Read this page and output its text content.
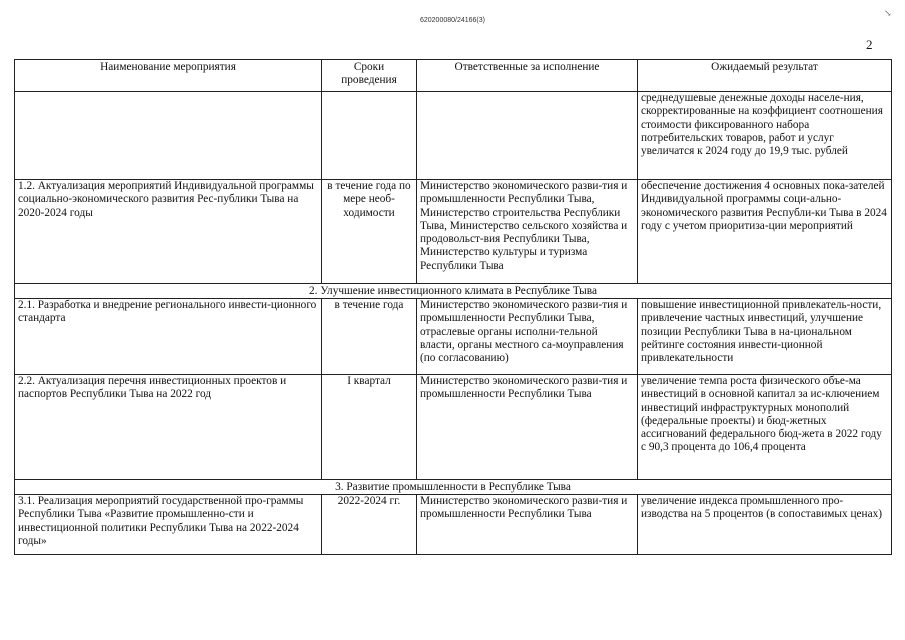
620200080/24166(3)
↘
2
Наименование мероприятия	Сроки проведения	Ответственные за исполнение	Ожидаемый результат
			среднедушевые денежные доходы населе-ния, скорректированные на коэффициент соотношения стоимости фиксированного набора потребительских товаров, работ и услуг увеличатся к 2024 году до 19,9 тыс. рублей
1.2. Актуализация мероприятий Индивидуальной программы социально-экономического развития Рес-публики Тыва на 2020-2024 годы	в течение года по мере необ-ходимости	Министерство экономического разви-тия и промышленности Республики Тыва, Министерство строительства Республики Тыва, Министерство сельского хозяйства и продовольст-вия Республики Тыва, Министерство культуры и туризма Республики Тыва	обеспечение достижения 4 основных пока-зателей Индивидуальной программы соци-ально-экономического развития Республи-ки Тыва в 2024 году с учетом приоритиза-ции мероприятий
2. Улучшение инвестиционного климата в Республике Тыва			
2.1. Разработка и внедрение регионального инвести-ционного стандарта	в течение года	Министерство экономического разви-тия и промышленности Республики Тыва, отраслевые органы исполни-тельной власти, органы местного са-моуправления (по согласованию)	повышение инвестиционной привлекатель-ности, привлечение частных инвестиций, улучшение позиции Республики Тыва в на-циональном рейтинге состояния инвести-ционной привлекательности
2.2. Актуализация перечня инвестиционных проектов и паспортов Республики Тыва на 2022 год	I квартал	Министерство экономического разви-тия и промышленности Республики Тыва	увеличение темпа роста физического объе-ма инвестиций в основной капитал за ис-ключением инвестиций инфраструктурных монополий (федеральные проекты) и бюд-жетных ассигнований федерального бюд-жета в 2022 году с 90,3 процента до 106,4 процента
3. Развитие промышленности в Республике Тыва			
3.1. Реализация мероприятий государственной про-граммы Республики Тыва «Развитие промышленно-сти и инвестиционной политики Республики Тыва на 2022-2024 годы»	2022-2024 гг.	Министерство экономического разви-тия и промышленности Республики Тыва	увеличение индекса промышленного про-изводства на 5 процентов (в сопоставимых ценах)
